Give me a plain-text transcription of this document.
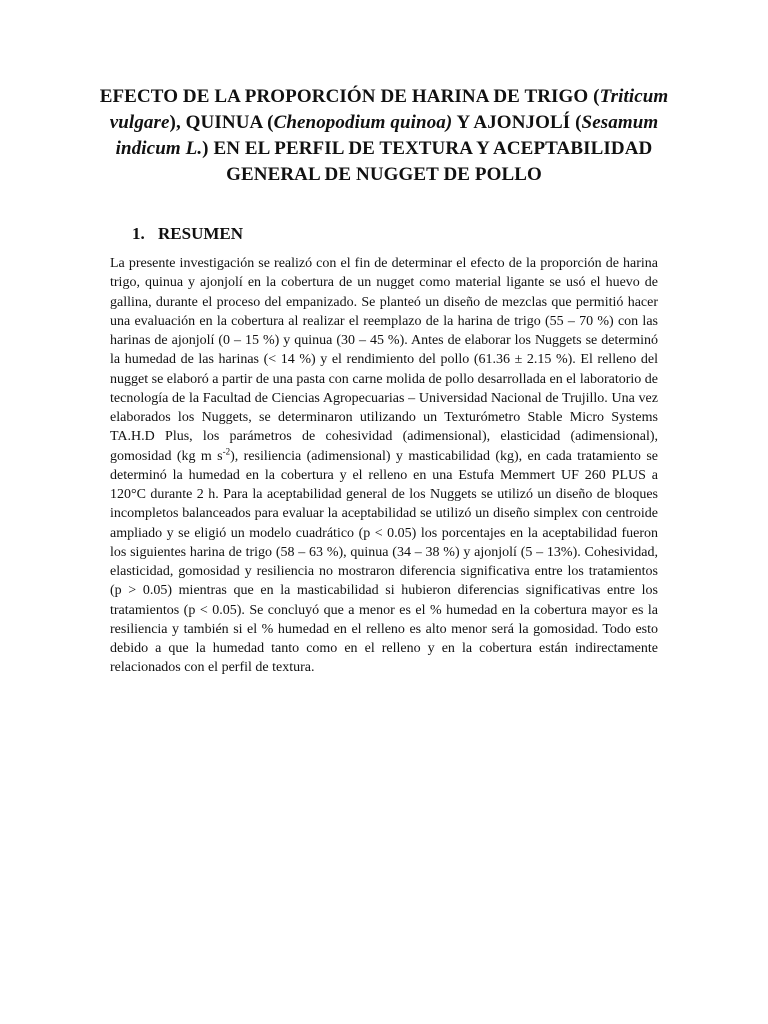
EFECTO DE LA PROPORCIÓN DE HARINA DE TRIGO (Triticum vulgare), QUINUA (Chenopodium quinoa) Y AJONJOLÍ (Sesamum indicum L.) EN EL PERFIL DE TEXTURA Y ACEPTABILIDAD GENERAL DE NUGGET DE POLLO
1. RESUMEN

La presente investigación se realizó con el fin de determinar el efecto de la proporción de harina trigo, quinua y ajonjolí en la cobertura de un nugget como material ligante se usó el huevo de gallina, durante el proceso del empanizado. Se planteó un diseño de mezclas que permitió hacer una evaluación en la cobertura al realizar el reemplazo de la harina de trigo (55 – 70 %) con las harinas de ajonjolí (0 – 15 %) y quinua (30 – 45 %). Antes de elaborar los Nuggets se determinó la humedad de las harinas (< 14 %) y el rendimiento del pollo (61.36 ± 2.15 %). El relleno del nugget se elaboró a partir de una pasta con carne molida de pollo desarrollada en el laboratorio de tecnología de la Facultad de Ciencias Agropecuarias – Universidad Nacional de Trujillo. Una vez elaborados los Nuggets, se determinaron utilizando un Texturómetro Stable Micro Systems TA.H.D Plus, los parámetros de cohesividad (adimensional), elasticidad (adimensional), gomosidad (kg m $s^{-2}$), resiliencia (adimensional) y masticabilidad (kg), en cada tratamiento se determinó la humedad en la cobertura y el relleno en una Estufa Memmert UF 260 PLUS a 120°C durante 2 h. Para la aceptabilidad general de los Nuggets se utilizó un diseño de bloques incompletos balanceados para evaluar la aceptabilidad se utilizó un diseño simplex con centroide ampliado y se eligió un modelo cuadrático (p < 0.05) los porcentajes en la aceptabilidad fueron los siguientes harina de trigo (58 – 63 %), quinua (34 – 38 %) y ajonjolí (5 – 13%). Cohesividad, elasticidad, gomosidad y resiliencia no mostraron diferencia significativa entre los tratamientos (p > 0.05) mientras que en la masticabilidad si hubieron diferencias significativas entre los tratamientos (p < 0.05). Se concluyó que a menor es el % humedad en la cobertura mayor es la resiliencia y también si el % humedad en el relleno es alto menor será la gomosidad. Todo esto debido a que la humedad tanto como en el relleno y en la cobertura están indirectamente relacionados con el perfil de textura.
